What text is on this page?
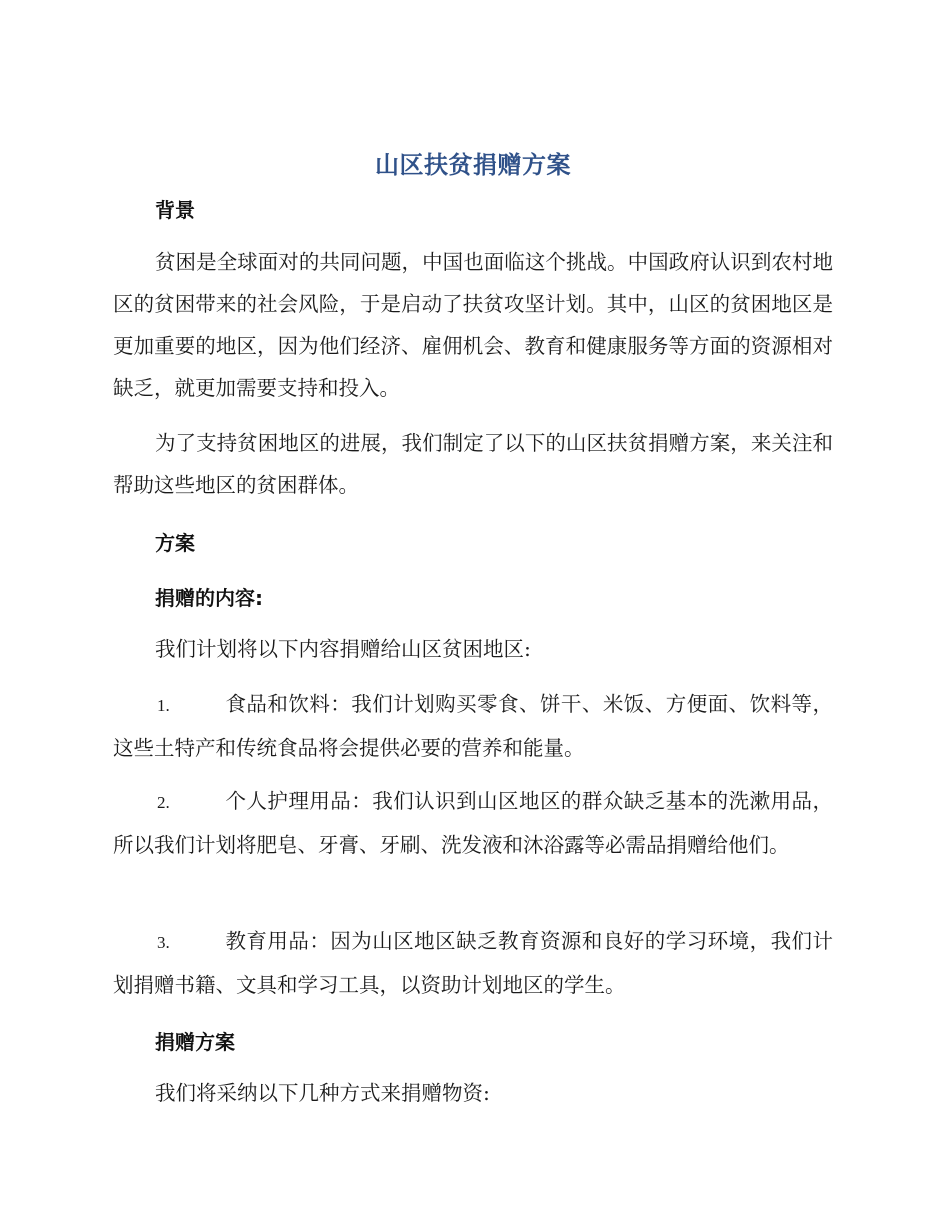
山区扶贫捐赠方案
背景
贫困是全球面对的共同问题，中国也面临这个挑战。中国政府认识到农村地区的贫困带来的社会风险，于是启动了扶贫攻坚计划。其中，山区的贫困地区是更加重要的地区，因为他们经济、雇佣机会、教育和健康服务等方面的资源相对缺乏，就更加需要支持和投入。
为了支持贫困地区的进展，我们制定了以下的山区扶贫捐赠方案，来关注和帮助这些地区的贫困群体。
方案
捐赠的内容:
我们计划将以下内容捐赠给山区贫困地区:
1.	食品和饮料：我们计划购买零食、饼干、米饭、方便面、饮料等，这些土特产和传统食品将会提供必要的营养和能量。
2.	个人护理用品：我们认识到山区地区的群众缺乏基本的洗漱用品，所以我们计划将肥皂、牙膏、牙刷、洗发液和沐浴露等必需品捐赠给他们。
3.	教育用品：因为山区地区缺乏教育资源和良好的学习环境，我们计划捐赠书籍、文具和学习工具，以资助计划地区的学生。
捐赠方案
我们将采纳以下几种方式来捐赠物资:
